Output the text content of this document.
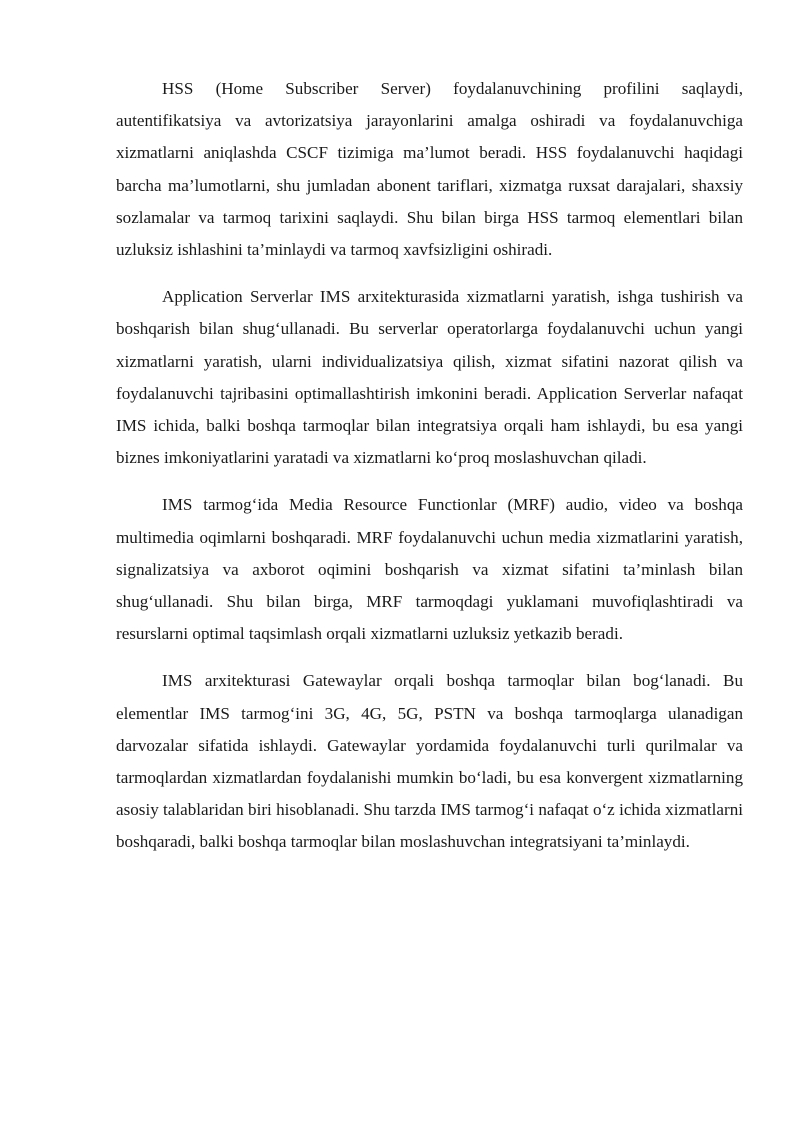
HSS (Home Subscriber Server) foydalanuvchining profilini saqlaydi, autentifikatsiya va avtorizatsiya jarayonlarini amalga oshiradi va foydalanuvchiga xizmatlarni aniqlashda CSCF tizimiga ma’lumot beradi. HSS foydalanuvchi haqidagi barcha ma’lumotlarni, shu jumladan abonent tariflari, xizmatga ruxsat darajalari, shaxsiy sozlamalar va tarmoq tarixini saqlaydi. Shu bilan birga HSS tarmoq elementlari bilan uzluksiz ishlashini ta’minlaydi va tarmoq xavfsizligini oshiradi.

Application Serverlar IMS arxitekturasida xizmatlarni yaratish, ishga tushirish va boshqarish bilan shug‘ullanadi. Bu serverlar operatorlarga foydalanuvchi uchun yangi xizmatlarni yaratish, ularni individualizatsiya qilish, xizmat sifatini nazorat qilish va foydalanuvchi tajribasini optimallashtirish imkonini beradi. Application Serverlar nafaqat IMS ichida, balki boshqa tarmoqlar bilan integratsiya orqali ham ishlaydi, bu esa yangi biznes imkoniyatlarini yaratadi va xizmatlarni ko‘proq moslashuvchan qiladi.

IMS tarmog‘ida Media Resource Functionlar (MRF) audio, video va boshqa multimedia oqimlarni boshqaradi. MRF foydalanuvchi uchun media xizmatlarini yaratish, signalizatsiya va axborot oqimini boshqarish va xizmat sifatini ta’minlash bilan shug‘ullanadi. Shu bilan birga, MRF tarmoqdagi yuklamani muvofiqlashtiradi va resurslarni optimal taqsimlash orqali xizmatlarni uzluksiz yetkazib beradi.

IMS arxitekturasi Gatewaylar orqali boshqa tarmoqlar bilan bog‘lanadi. Bu elementlar IMS tarmog‘ini 3G, 4G, 5G, PSTN va boshqa tarmoqlarga ulanadigan darvozalar sifatida ishlaydi. Gatewaylar yordamida foydalanuvchi turli qurilmalar va tarmoqlardan xizmatlardan foydalanishi mumkin bo‘ladi, bu esa konvergent xizmatlarning asosiy talablaridan biri hisoblanadi. Shu tarzda IMS tarmog‘i nafaqat o‘z ichida xizmatlarni boshqaradi, balki boshqa tarmoqlar bilan moslashuvchan integratsiyani ta’minlaydi.
